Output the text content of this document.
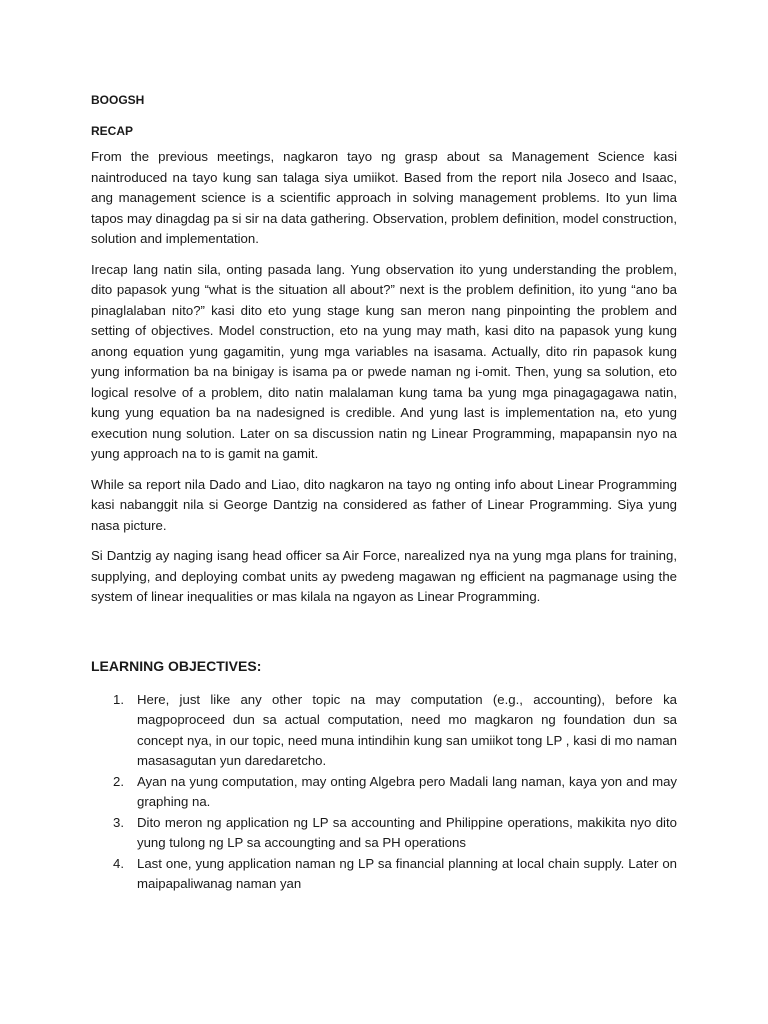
BOOGSH
RECAP

From the previous meetings, nagkaron tayo ng grasp about sa Management Science kasi naintroduced na tayo kung san talaga siya umiikot. Based from the report nila Joseco and Isaac, ang management science is a scientific approach in solving management problems. Ito yun lima tapos may dinagdag pa si sir na data gathering. Observation, problem definition, model construction, solution and implementation.

Irecap lang natin sila, onting pasada lang. Yung observation ito yung understanding the problem, dito papasok yung “what is the situation all about?” next is the problem definition, ito yung “ano ba pinaglalaban nito?” kasi dito eto yung stage kung san meron nang pinpointing the problem and setting of objectives. Model construction, eto na yung may math, kasi dito na papasok yung kung anong equation yung gagamitin, yung mga variables na isasama. Actually, dito rin papasok kung yung information ba na binigay is isama pa or pwede naman ng i-omit. Then, yung sa solution, eto logical resolve of a problem, dito natin malalaman kung tama ba yung mga pinagagagawa natin, kung yung equation ba na nadesigned is credible. And yung last is implementation na, eto yung execution nung solution. Later on sa discussion natin ng Linear Programming, mapapansin nyo na yung approach na to is gamit na gamit.

While sa report nila Dado and Liao, dito nagkaron na tayo ng onting info about Linear Programming kasi nabanggit nila si George Dantzig na considered as father of Linear Programming. Siya yung nasa picture.

Si Dantzig ay naging isang head officer sa Air Force, narealized nya na yung mga plans for training, supplying, and deploying combat units ay pwedeng magawan ng efficient na pagmanage using the system of linear inequalities or mas kilala na ngayon as Linear Programming.

LEARNING OBJECTIVES:
1. Here, just like any other topic na may computation (e.g., accounting), before ka magpoproceed dun sa actual computation, need mo magkaron ng foundation dun sa concept nya, in our topic, need muna intindihin kung san umiikot tong LP , kasi di mo naman masasagutan yun daredaretcho.
2. Ayan na yung computation, may onting Algebra pero Madali lang naman, kaya yon and may graphing na.
3. Dito meron ng application ng LP sa accounting and Philippine operations, makikita nyo dito yung tulong ng LP sa accoungting and sa PH operations
4. Last one, yung application naman ng LP sa financial planning at local chain supply. Later on maipapaliwanag naman yan
